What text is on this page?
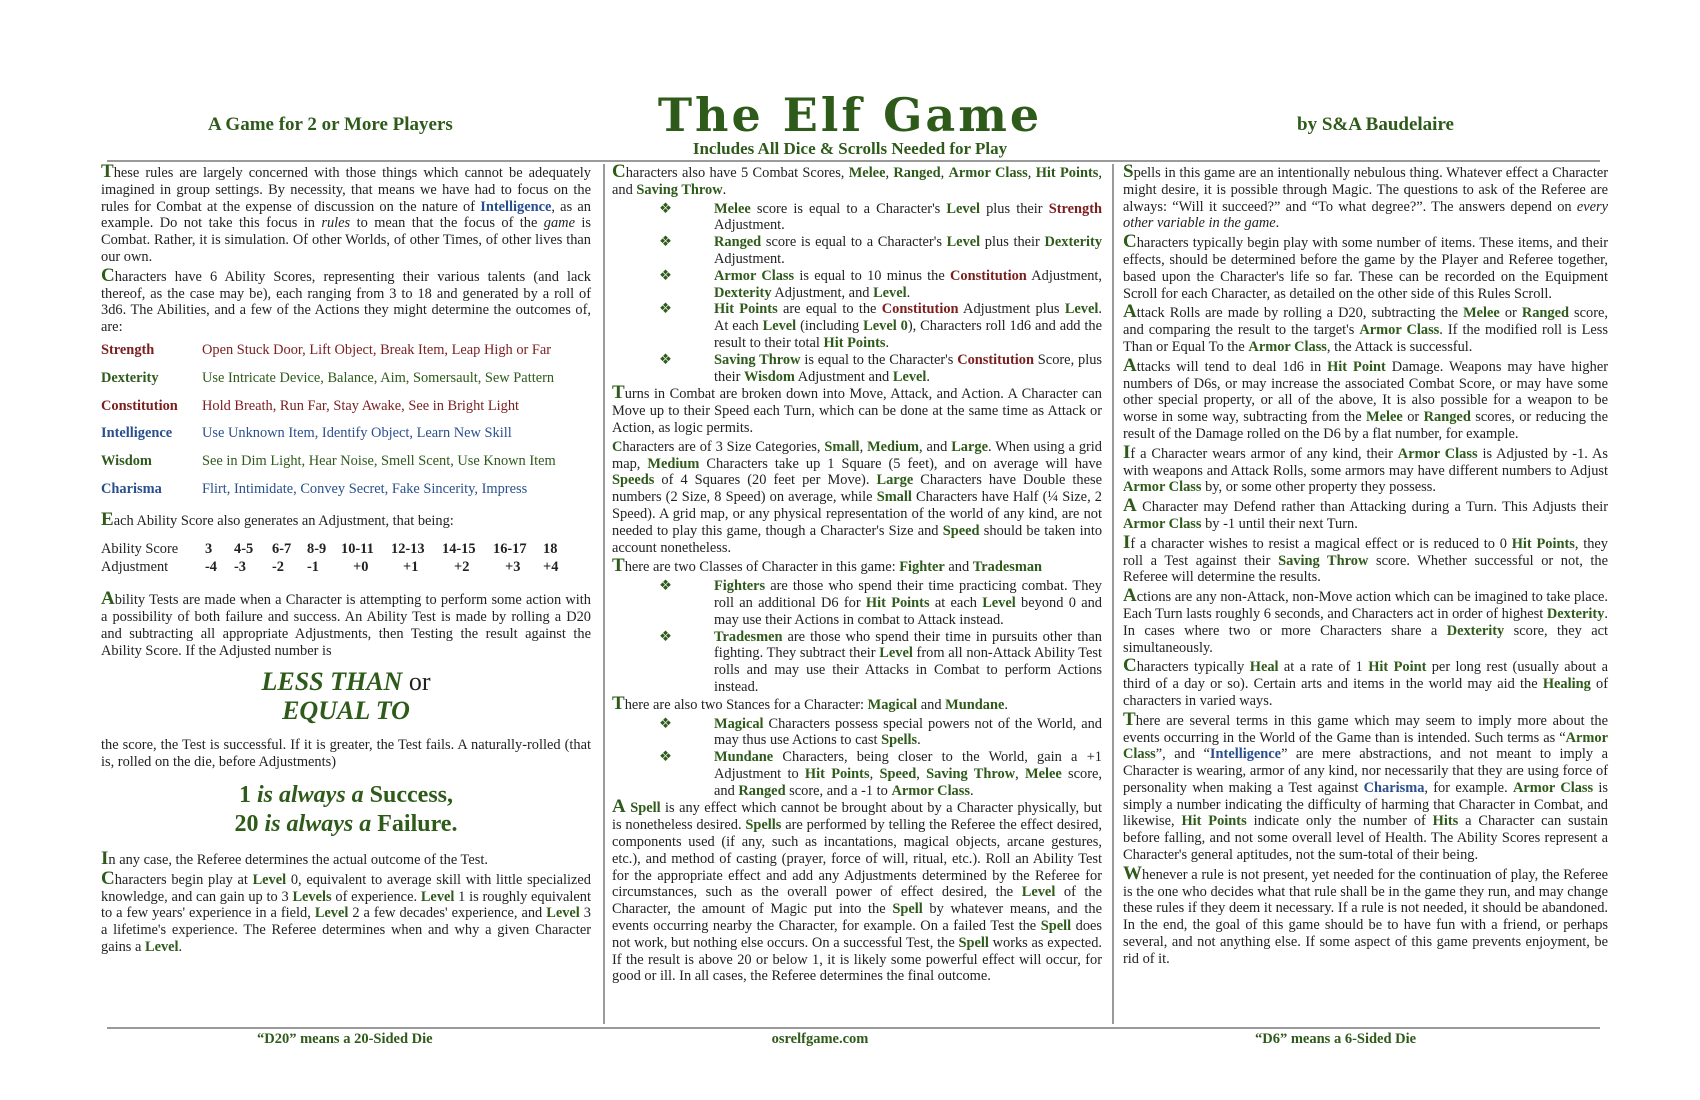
A Game for 2 or More Players	The Elf Game
Includes All Dice & Scrolls Needed for Play
by S&A Baudelaire

These rules are largely concerned with those things which cannot be adequately imagined in group settings. By necessity, that means we have had to focus on the rules for Combat at the expense of discussion on the nature of Intelligence, as an example. Do not take this focus in rules to mean that the focus of the game is Combat. Rather, it is simulation. Of other Worlds, of other Times, of other lives than our own.

Characters have 6 Ability Scores, representing their various talents (and lack thereof, as the case may be), each ranging from 3 to 18 and generated by a roll of 3d6. The Abilities, and a few of the Actions they might determine the outcomes of, are:

Strength	Open Stuck Door, Lift Object, Break Item, Leap High or Far
Dexterity	Use Intricate Device, Balance, Aim, Somersault, Sew Pattern
Constitution	Hold Breath, Run Far, Stay Awake, See in Bright Light
Intelligence	Use Unknown Item, Identify Object, Learn New Skill
Wisdom	See in Dim Light, Hear Noise, Smell Scent, Use Known Item
Charisma	Flirt, Intimidate, Convey Secret, Fake Sincerity, Impress

Each Ability Score also generates an Adjustment, that being:

Ability Score	3	4-5	6-7	8-9	10-11	12-13	14-15	16-17	18
Adjustment	-4	-3	-2	-1	+0	+1	+2	+3	+4

Ability Tests are made when a Character is attempting to perform some action with a possibility of both failure and success. An Ability Test is made by rolling a D20 and subtracting all appropriate Adjustments, then Testing the result against the Ability Score. If the Adjusted number is

LESS THAN or
EQUAL TO

the score, the Test is successful. If it is greater, the Test fails. A naturally-rolled (that is, rolled on the die, before Adjustments)

1 is always a Success,
20 is always a Failure.

In any case, the Referee determines the actual outcome of the Test.

Characters begin play at Level 0, equivalent to average skill with little specialized knowledge, and can gain up to 3 Levels of experience. Level 1 is roughly equivalent to a few years' experience in a field, Level 2 a few decades' experience, and Level 3 a lifetime's experience. The Referee determines when and why a given Character gains a Level.

Characters also have 5 Combat Scores, Melee, Ranged, Armor Class, Hit Points, and Saving Throw.

❖ Melee score is equal to a Character's Level plus their Strength Adjustment.
❖ Ranged score is equal to a Character's Level plus their Dexterity Adjustment.
❖ Armor Class is equal to 10 minus the Constitution Adjustment, Dexterity Adjustment, and Level.
❖ Hit Points are equal to the Constitution Adjustment plus Level. At each Level (including Level 0), Characters roll 1d6 and add the result to their total Hit Points.
❖ Saving Throw is equal to the Character's Constitution Score, plus their Wisdom Adjustment and Level.

Turns in Combat are broken down into Move, Attack, and Action. A Character can Move up to their Speed each Turn, which can be done at the same time as Attack or Action, as logic permits.

Characters are of 3 Size Categories, Small, Medium, and Large. When using a grid map, Medium Characters take up 1 Square (5 feet), and on average will have Speeds of 4 Squares (20 feet per Move). Large Characters have Double these numbers (2 Size, 8 Speed) on average, while Small Characters have Half (¼ Size, 2 Speed). A grid map, or any physical representation of the world of any kind, are not needed to play this game, though a Character's Size and Speed should be taken into account nonetheless.

There are two Classes of Character in this game: Fighter and Tradesman

❖ Fighters are those who spend their time practicing combat. They roll an additional D6 for Hit Points at each Level beyond 0 and may use their Actions in combat to Attack instead.
❖ Tradesmen are those who spend their time in pursuits other than fighting. They subtract their Level from all non-Attack Ability Test rolls and may use their Attacks in Combat to perform Actions instead.

There are also two Stances for a Character: Magical and Mundane.

❖ Magical Characters possess special powers not of the World, and may thus use Actions to cast Spells.
❖ Mundane Characters, being closer to the World, gain a +1 Adjustment to Hit Points, Speed, Saving Throw, Melee score, and Ranged score, and a -1 to Armor Class.

A Spell is any effect which cannot be brought about by a Character physically, but is nonetheless desired. Spells are performed by telling the Referee the effect desired, components used (if any, such as incantations, magical objects, arcane gestures, etc.), and method of casting (prayer, force of will, ritual, etc.). Roll an Ability Test for the appropriate effect and add any Adjustments determined by the Referee for circumstances, such as the overall power of effect desired, the Level of the Character, the amount of Magic put into the Spell by whatever means, and the events occurring nearby the Character, for example. On a failed Test the Spell does not work, but nothing else occurs. On a successful Test, the Spell works as expected. If the result is above 20 or below 1, it is likely some powerful effect will occur, for good or ill. In all cases, the Referee determines the final outcome.

Spells in this game are an intentionally nebulous thing. Whatever effect a Character might desire, it is possible through Magic. The questions to ask of the Referee are always: “Will it succeed?” and “To what degree?”. The answers depend on every other variable in the game.

Characters typically begin play with some number of items. These items, and their effects, should be determined before the game by the Player and Referee together, based upon the Character's life so far. These can be recorded on the Equipment Scroll for each Character, as detailed on the other side of this Rules Scroll.

Attack Rolls are made by rolling a D20, subtracting the Melee or Ranged score, and comparing the result to the target's Armor Class. If the modified roll is Less Than or Equal To the Armor Class, the Attack is successful.

Attacks will tend to deal 1d6 in Hit Point Damage. Weapons may have higher numbers of D6s, or may increase the associated Combat Score, or may have some other special property, or all of the above, It is also possible for a weapon to be worse in some way, subtracting from the Melee or Ranged scores, or reducing the result of the Damage rolled on the D6 by a flat number, for example.

If a Character wears armor of any kind, their Armor Class is Adjusted by -1. As with weapons and Attack Rolls, some armors may have different numbers to Adjust Armor Class by, or some other property they possess.

A Character may Defend rather than Attacking during a Turn. This Adjusts their Armor Class by -1 until their next Turn.

If a character wishes to resist a magical effect or is reduced to 0 Hit Points, they roll a Test against their Saving Throw score. Whether successful or not, the Referee will determine the results.

Actions are any non-Attack, non-Move action which can be imagined to take place. Each Turn lasts roughly 6 seconds, and Characters act in order of highest Dexterity. In cases where two or more Characters share a Dexterity score, they act simultaneously.

Characters typically Heal at a rate of 1 Hit Point per long rest (usually about a third of a day or so). Certain arts and items in the world may aid the Healing of characters in varied ways.

There are several terms in this game which may seem to imply more about the events occurring in the World of the Game than is intended. Such terms as “Armor Class”, and “Intelligence” are mere abstractions, and not meant to imply a Character is wearing, armor of any kind, nor necessarily that they are using force of personality when making a Test against Charisma, for example. Armor Class is simply a number indicating the difficulty of harming that Character in Combat, and likewise, Hit Points indicate only the number of Hits a Character can sustain before falling, and not some overall level of Health. The Ability Scores represent a Character's general aptitudes, not the sum-total of their being.

Whenever a rule is not present, yet needed for the continuation of play, the Referee is the one who decides what that rule shall be in the game they run, and may change these rules if they deem it necessary. If a rule is not needed, it should be abandoned. In the end, the goal of this game should be to have fun with a friend, or perhaps several, and not anything else. If some aspect of this game prevents enjoyment, be rid of it.

“D20” means a 20-Sided Die	osrelfgame.com	“D6” means a 6-Sided Die
